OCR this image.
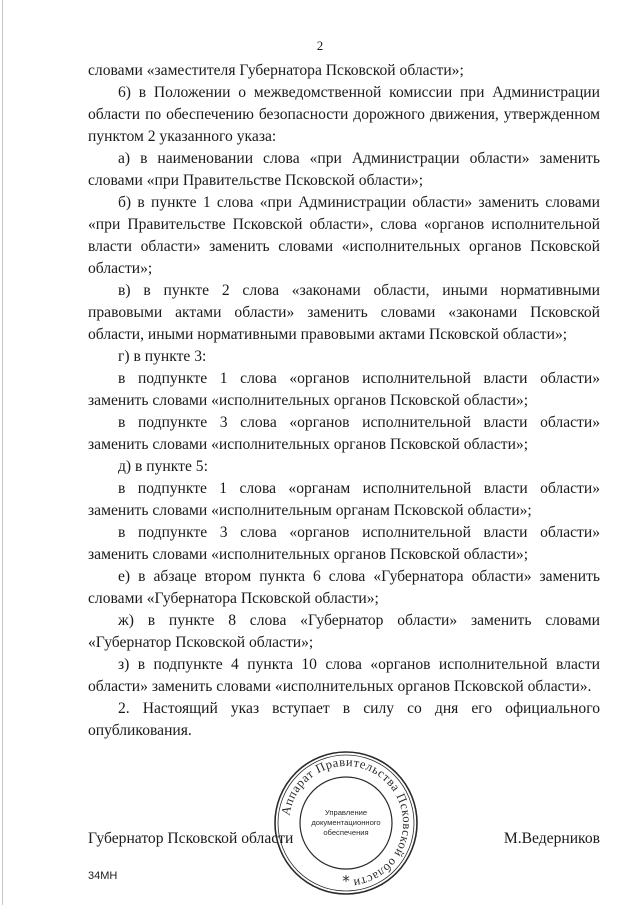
2

словами «заместителя Губернатора Псковской области»;

6) в Положении о межведомственной комиссии при Администрации области по обеспечению безопасности дорожного движения, утвержденном пунктом 2 указанного указа:

а) в наименовании слова «при Администрации области» заменить словами «при Правительстве Псковской области»;

б) в пункте 1 слова «при Администрации области» заменить словами «при Правительстве Псковской области», слова «органов исполнительной власти области» заменить словами «исполнительных органов Псковской области»;

в) в пункте 2 слова «законами области, иными нормативными правовыми актами области» заменить словами «законами Псковской области, иными нормативными правовыми актами Псковской области»;

г) в пункте 3:

в подпункте 1 слова «органов исполнительной власти области» заменить словами «исполнительных органов Псковской области»;

в подпункте 3 слова «органов исполнительной власти области» заменить словами «исполнительных органов Псковской области»;

д) в пункте 5:

в подпункте 1 слова «органам исполнительной власти области» заменить словами «исполнительным органам Псковской области»;

в подпункте 3 слова «органов исполнительной власти области» заменить словами «исполнительных органов Псковской области»;

е) в абзаце втором пункта 6 слова «Губернатора области» заменить словами «Губернатора Псковской области»;

ж) в пункте 8 слова «Губернатор области» заменить словами «Губернатор Псковской области»;

з) в подпункте 4 пункта 10 слова «органов исполнительной власти области» заменить словами «исполнительных органов Псковской области».

2. Настоящий указ вступает в силу со дня его официального опубликования.

Аппарат Правительства Псковской области
Управление
документационного
обеспечения
*
Губернатор Псковской области	М.Ведерников
34МН
